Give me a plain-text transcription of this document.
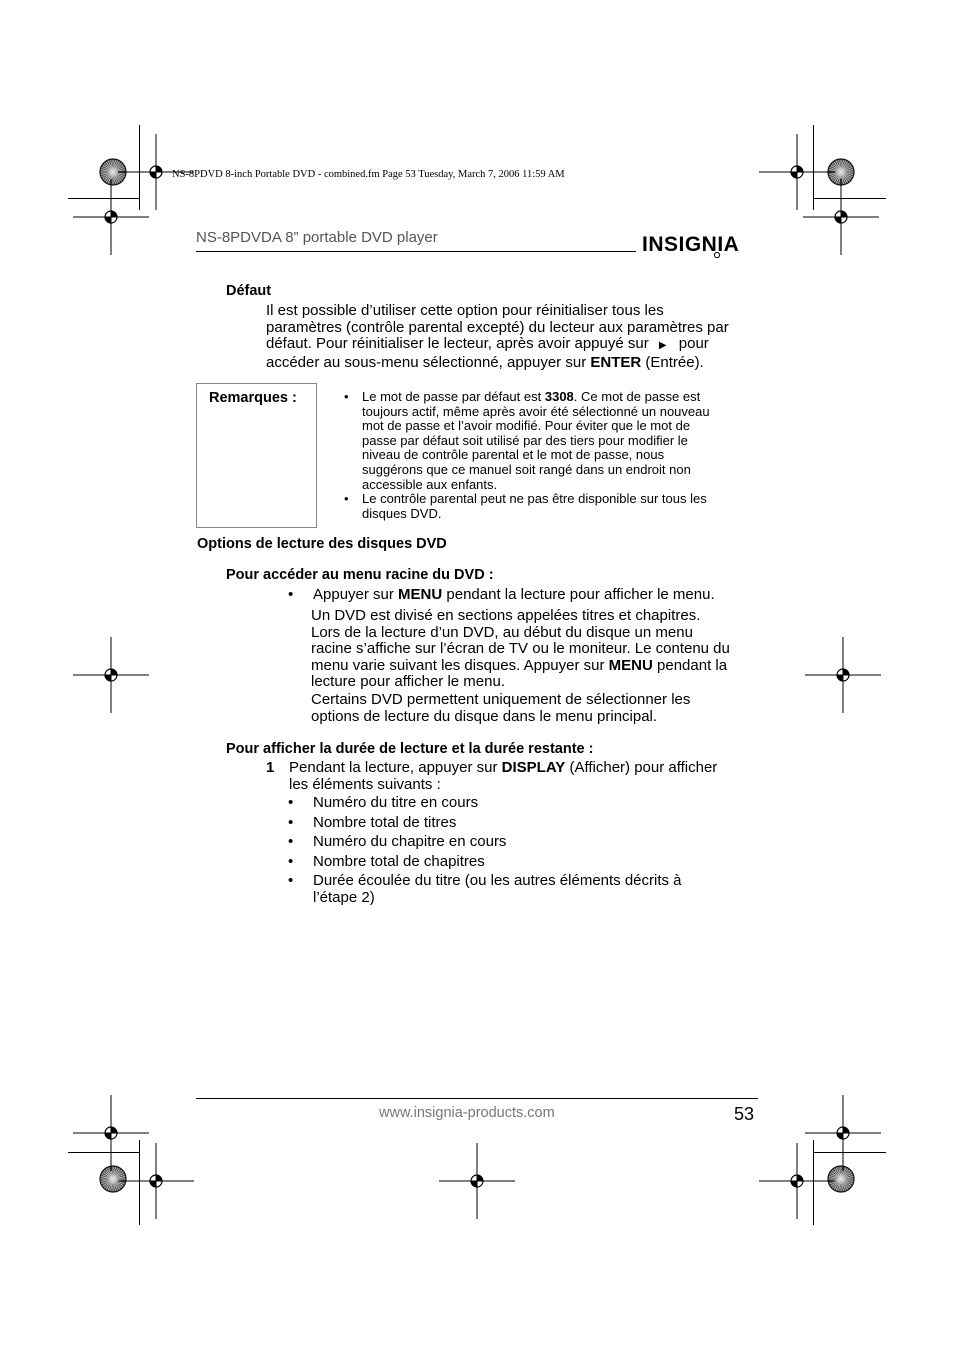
NS-8PDVD 8-inch Portable DVD - combined.fm Page 53 Tuesday, March 7, 2006 11:59 AM
NS-8PDVDA 8” portable DVD player	INSIGNIA
Défaut
Il est possible d’utiliser cette option pour réinitialiser tous les
paramètres (contrôle parental excepté) du lecteur aux paramètres par
défaut. Pour réinitialiser le lecteur, après avoir appuyé sur ▶ pour
accéder au sous-menu sélectionné, appuyer sur ENTER (Entrée).
Remarques :	• Le mot de passe par défaut est 3308. Ce mot de passe est
toujours actif, même après avoir été sélectionné un nouveau
mot de passe et l’avoir modifié. Pour éviter que le mot de
passe par défaut soit utilisé par des tiers pour modifier le
niveau de contrôle parental et le mot de passe, nous
suggérons que ce manuel soit rangé dans un endroit non
accessible aux enfants.
• Le contrôle parental peut ne pas être disponible sur tous les
disques DVD.
Options de lecture des disques DVD
Pour accéder au menu racine du DVD :
• Appuyer sur MENU pendant la lecture pour afficher le menu.
Un DVD est divisé en sections appelées titres et chapitres.
Lors de la lecture d’un DVD, au début du disque un menu
racine s’affiche sur l’écran de TV ou le moniteur. Le contenu du
menu varie suivant les disques. Appuyer sur MENU pendant la
lecture pour afficher le menu.
Certains DVD permettent uniquement de sélectionner les
options de lecture du disque dans le menu principal.
Pour afficher la durée de lecture et la durée restante :
1 Pendant la lecture, appuyer sur DISPLAY (Afficher) pour afficher
les éléments suivants :
• Numéro du titre en cours
• Nombre total de titres
• Numéro du chapitre en cours
• Nombre total de chapitres
• Durée écoulée du titre (ou les autres éléments décrits à
l’étape 2)
www.insignia-products.com	53
